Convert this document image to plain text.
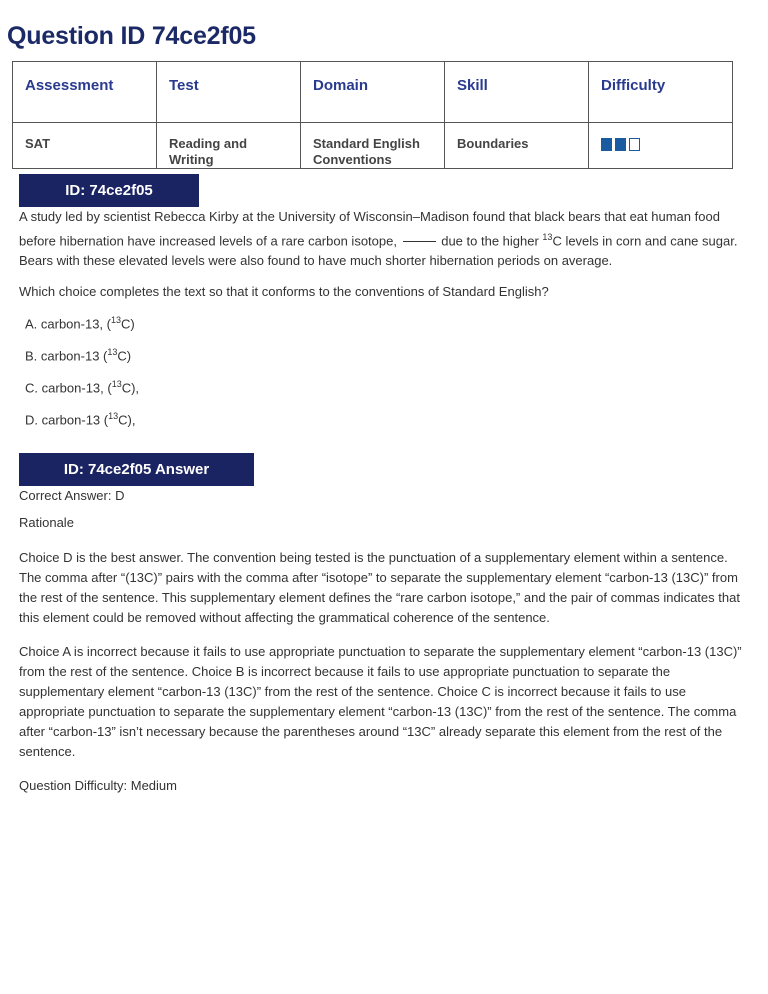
Question ID 74ce2f05
Assessment	Test	Domain	Skill	Difficulty
SAT	Reading and Writing	Standard English Conventions	Boundaries	
ID: 74ce2f05

A study led by scientist Rebecca Kirby at the University of Wisconsin–Madison found that black bears that eat human food before hibernation have increased levels of a rare carbon isotope,	due to the higher $^{13}$C levels in corn and cane sugar. Bears with these elevated levels were also found to have much shorter hibernation periods on average.

Which choice completes the text so that it conforms to the conventions of Standard English?

A. carbon-13, ($^{13}$C)
B. carbon-13 ($^{13}$C)
C. carbon-13, ($^{13}$C),
D. carbon-13 ($^{13}$C),
ID: 74ce2f05 Answer

Correct Answer: D

Rationale

Choice D is the best answer. The convention being tested is the punctuation of a supplementary element within a sentence. The comma after “(13C)” pairs with the comma after “isotope” to separate the supplementary element “carbon-13 (13C)” from the rest of the sentence. This supplementary element defines the “rare carbon isotope,” and the pair of commas indicates that this element could be removed without affecting the grammatical coherence of the sentence.

Choice A is incorrect because it fails to use appropriate punctuation to separate the supplementary element “carbon-13 (13C)” from the rest of the sentence. Choice B is incorrect because it fails to use appropriate punctuation to separate the supplementary element “carbon-13 (13C)” from the rest of the sentence. Choice C is incorrect because it fails to use appropriate punctuation to separate the supplementary element “carbon-13 (13C)” from the rest of the sentence. The comma after “carbon-13” isn’t necessary because the parentheses around “13C” already separate this element from the rest of the sentence.

Question Difficulty: Medium
